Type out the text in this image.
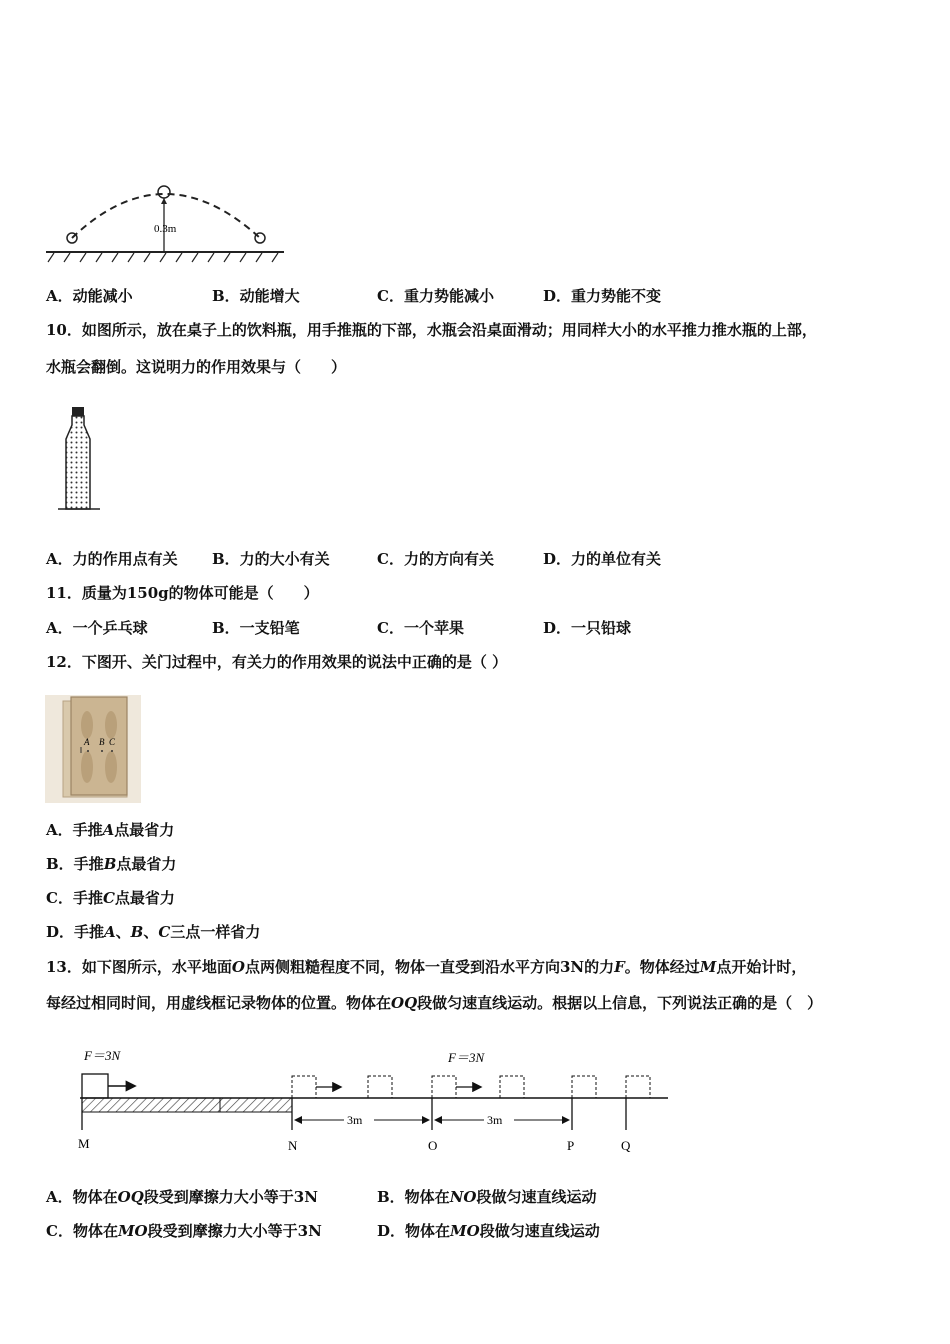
0.3m
A．动能减小	B．动能增大	C．重力势能减小	D．重力势能不变
10．如图所示，放在桌子上的饮料瓶，用手推瓶的下部，水瓶会沿桌面滑动；用同样大小的水平推力推水瓶的上部，
水瓶会翻倒。这说明力的作用效果与（　　）
A．力的作用点有关 B．力的大小有关	C．力的方向有关	D．力的单位有关
11．质量为150g的物体可能是（　　）
A．一个乒乓球	B．一支铅笔	C．一个苹果	D．一只铅球
12．下图开、关门过程中，有关力的作用效果的说法中正确的是（ ）
A B C
A．手推A点最省力
B．手推B点最省力
C．手推C点最省力
D．手推A、B、C三点一样省力
13．如下图所示，水平地面O点两侧粗糙程度不同，物体一直受到沿水平方向3N的力F。物体经过M点开始计时，
每经过相同时间，用虚线框记录物体的位置。物体在OQ段做匀速直线运动。根据以上信息，下列说法正确的是（　）
F＝3N	F＝3N
3m	3m
M	N	O	P	Q
A．物体在OQ段受到摩擦力大小等于3N	B．物体在NO段做匀速直线运动
C．物体在MO段受到摩擦力大小等于3N	D．物体在MO段做匀速直线运动
